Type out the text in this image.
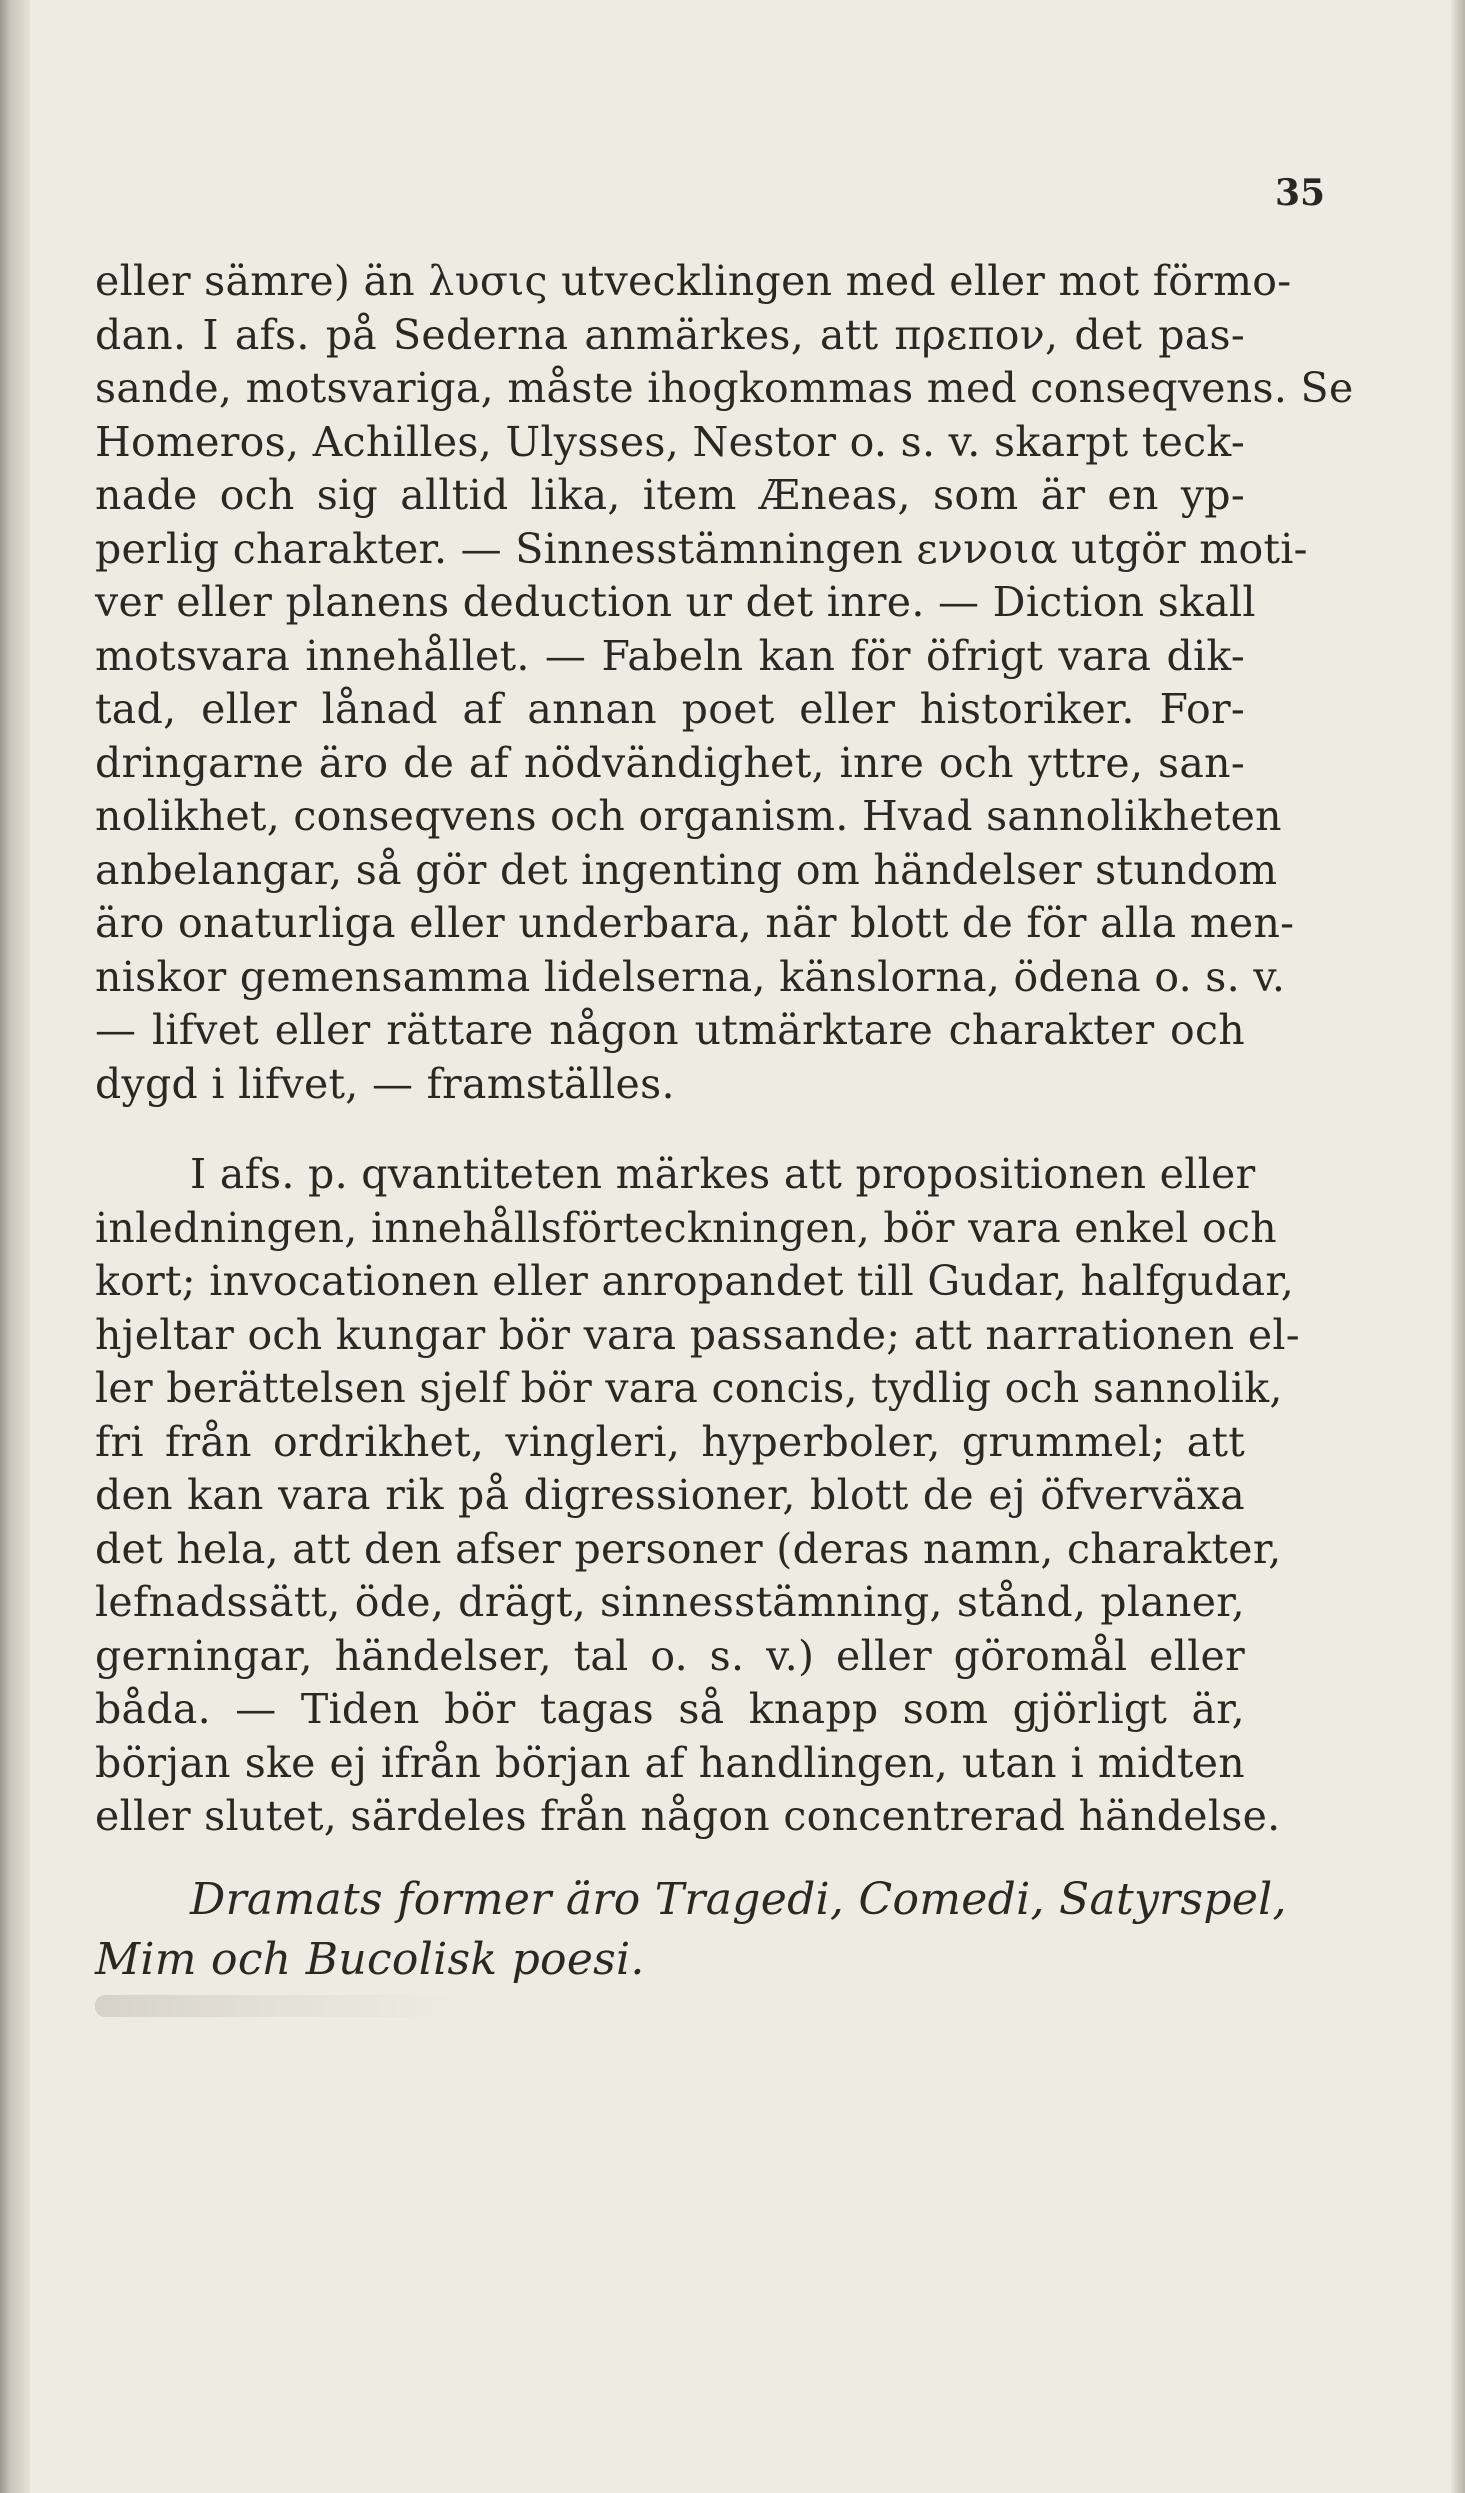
35
eller sämre) än λυσις utvecklingen med eller mot förmo-
dan. I afs. på Sederna anmärkes, att πρεπον, det pas-
sande, motsvariga, måste ihogkommas med conseqvens. Se
Homeros, Achilles, Ulysses, Nestor o. s. v. skarpt teck-
nade och sig alltid lika, item Æneas, som är en yp-
perlig charakter. — Sinnesstämningen εννοια utgör moti-
ver eller planens deduction ur det inre. — Diction skall
motsvara innehållet. — Fabeln kan för öfrigt vara dik-
tad, eller lånad af annan poet eller historiker. For-
dringarne äro de af nödvändighet, inre och yttre, san-
nolikhet, conseqvens och organism. Hvad sannolikheten
anbelangar, så gör det ingenting om händelser stundom
äro onaturliga eller underbara, när blott de för alla men-
niskor gemensamma lidelserna, känslorna, ödena o. s. v.
— lifvet eller rättare någon utmärktare charakter och
dygd i lifvet, — framställes.
I afs. p. qvantiteten märkes att propositionen eller
inledningen, innehållsförteckningen, bör vara enkel och
kort; invocationen eller anropandet till Gudar, halfgudar,
hjeltar och kungar bör vara passande; att narrationen el-
ler berättelsen sjelf bör vara concis, tydlig och sannolik,
fri från ordrikhet, vingleri, hyperboler, grummel; att
den kan vara rik på digressioner, blott de ej öfverväxa
det hela, att den afser personer (deras namn, charakter,
lefnadssätt, öde, drägt, sinnesstämning, stånd, planer,
gerningar, händelser, tal o. s. v.) eller göromål eller
båda. — Tiden bör tagas så knapp som gjörligt är,
början ske ej ifrån början af handlingen, utan i midten
eller slutet, särdeles från någon concentrerad händelse.
Dramats former äro Tragedi, Comedi, Satyrspel,
Mim och Bucolisk poesi.
